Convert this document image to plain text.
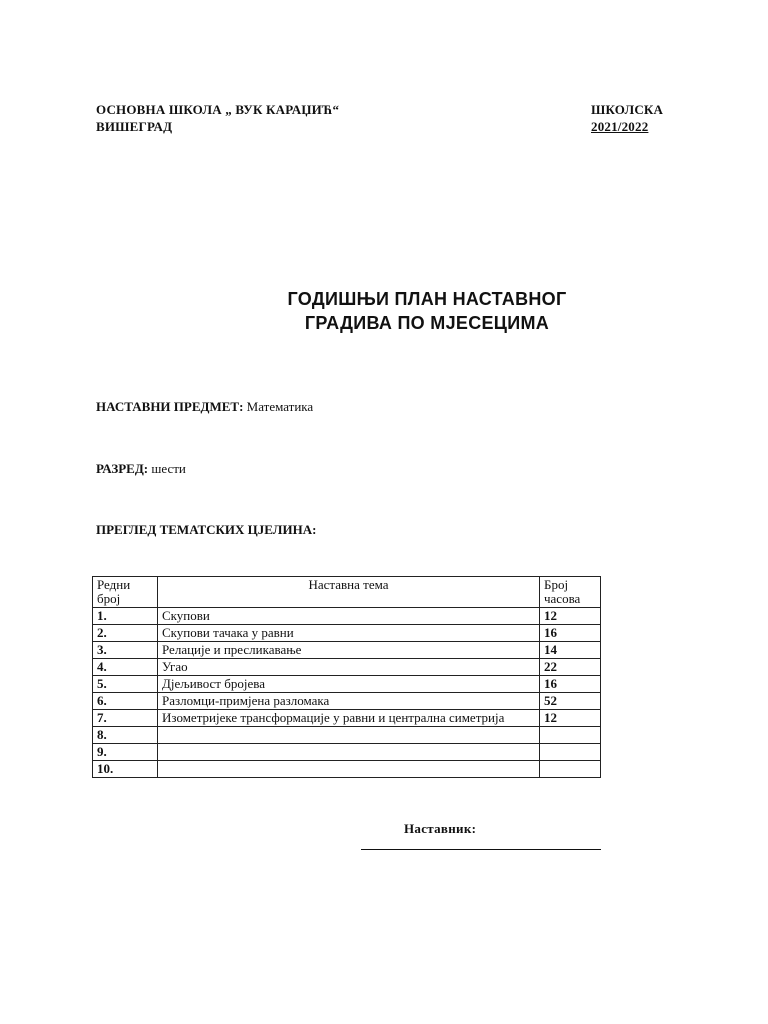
ОСНОВНА ШКОЛА „ ВУК КАРАЏИЋ“
ВИШЕГРАД
ШКОЛСКА
2021/2022
ГОДИШЊИ ПЛАН НАСТАВНОГ
ГРАДИВА ПО МЈЕСЕЦИМА
НАСТАВНИ ПРЕДМЕТ: Математика
РАЗРЕД: шести
ПРЕГЛЕД ТЕМАТСКИХ ЦЈЕЛИНА:
Редни број	Наставна тема	Број часова
1.	Скупови	12
2.	Скупови тачака у равни	16
3.	Релације и пресликавање	14
4.	Угао	22
5.	Дјељивост бројева	16
6.	Разломци-примјена разломака	52
7.	Изометријеке трансформације у равни и централна симетрија	12
8.		
9.		
10.		
Наставник:
